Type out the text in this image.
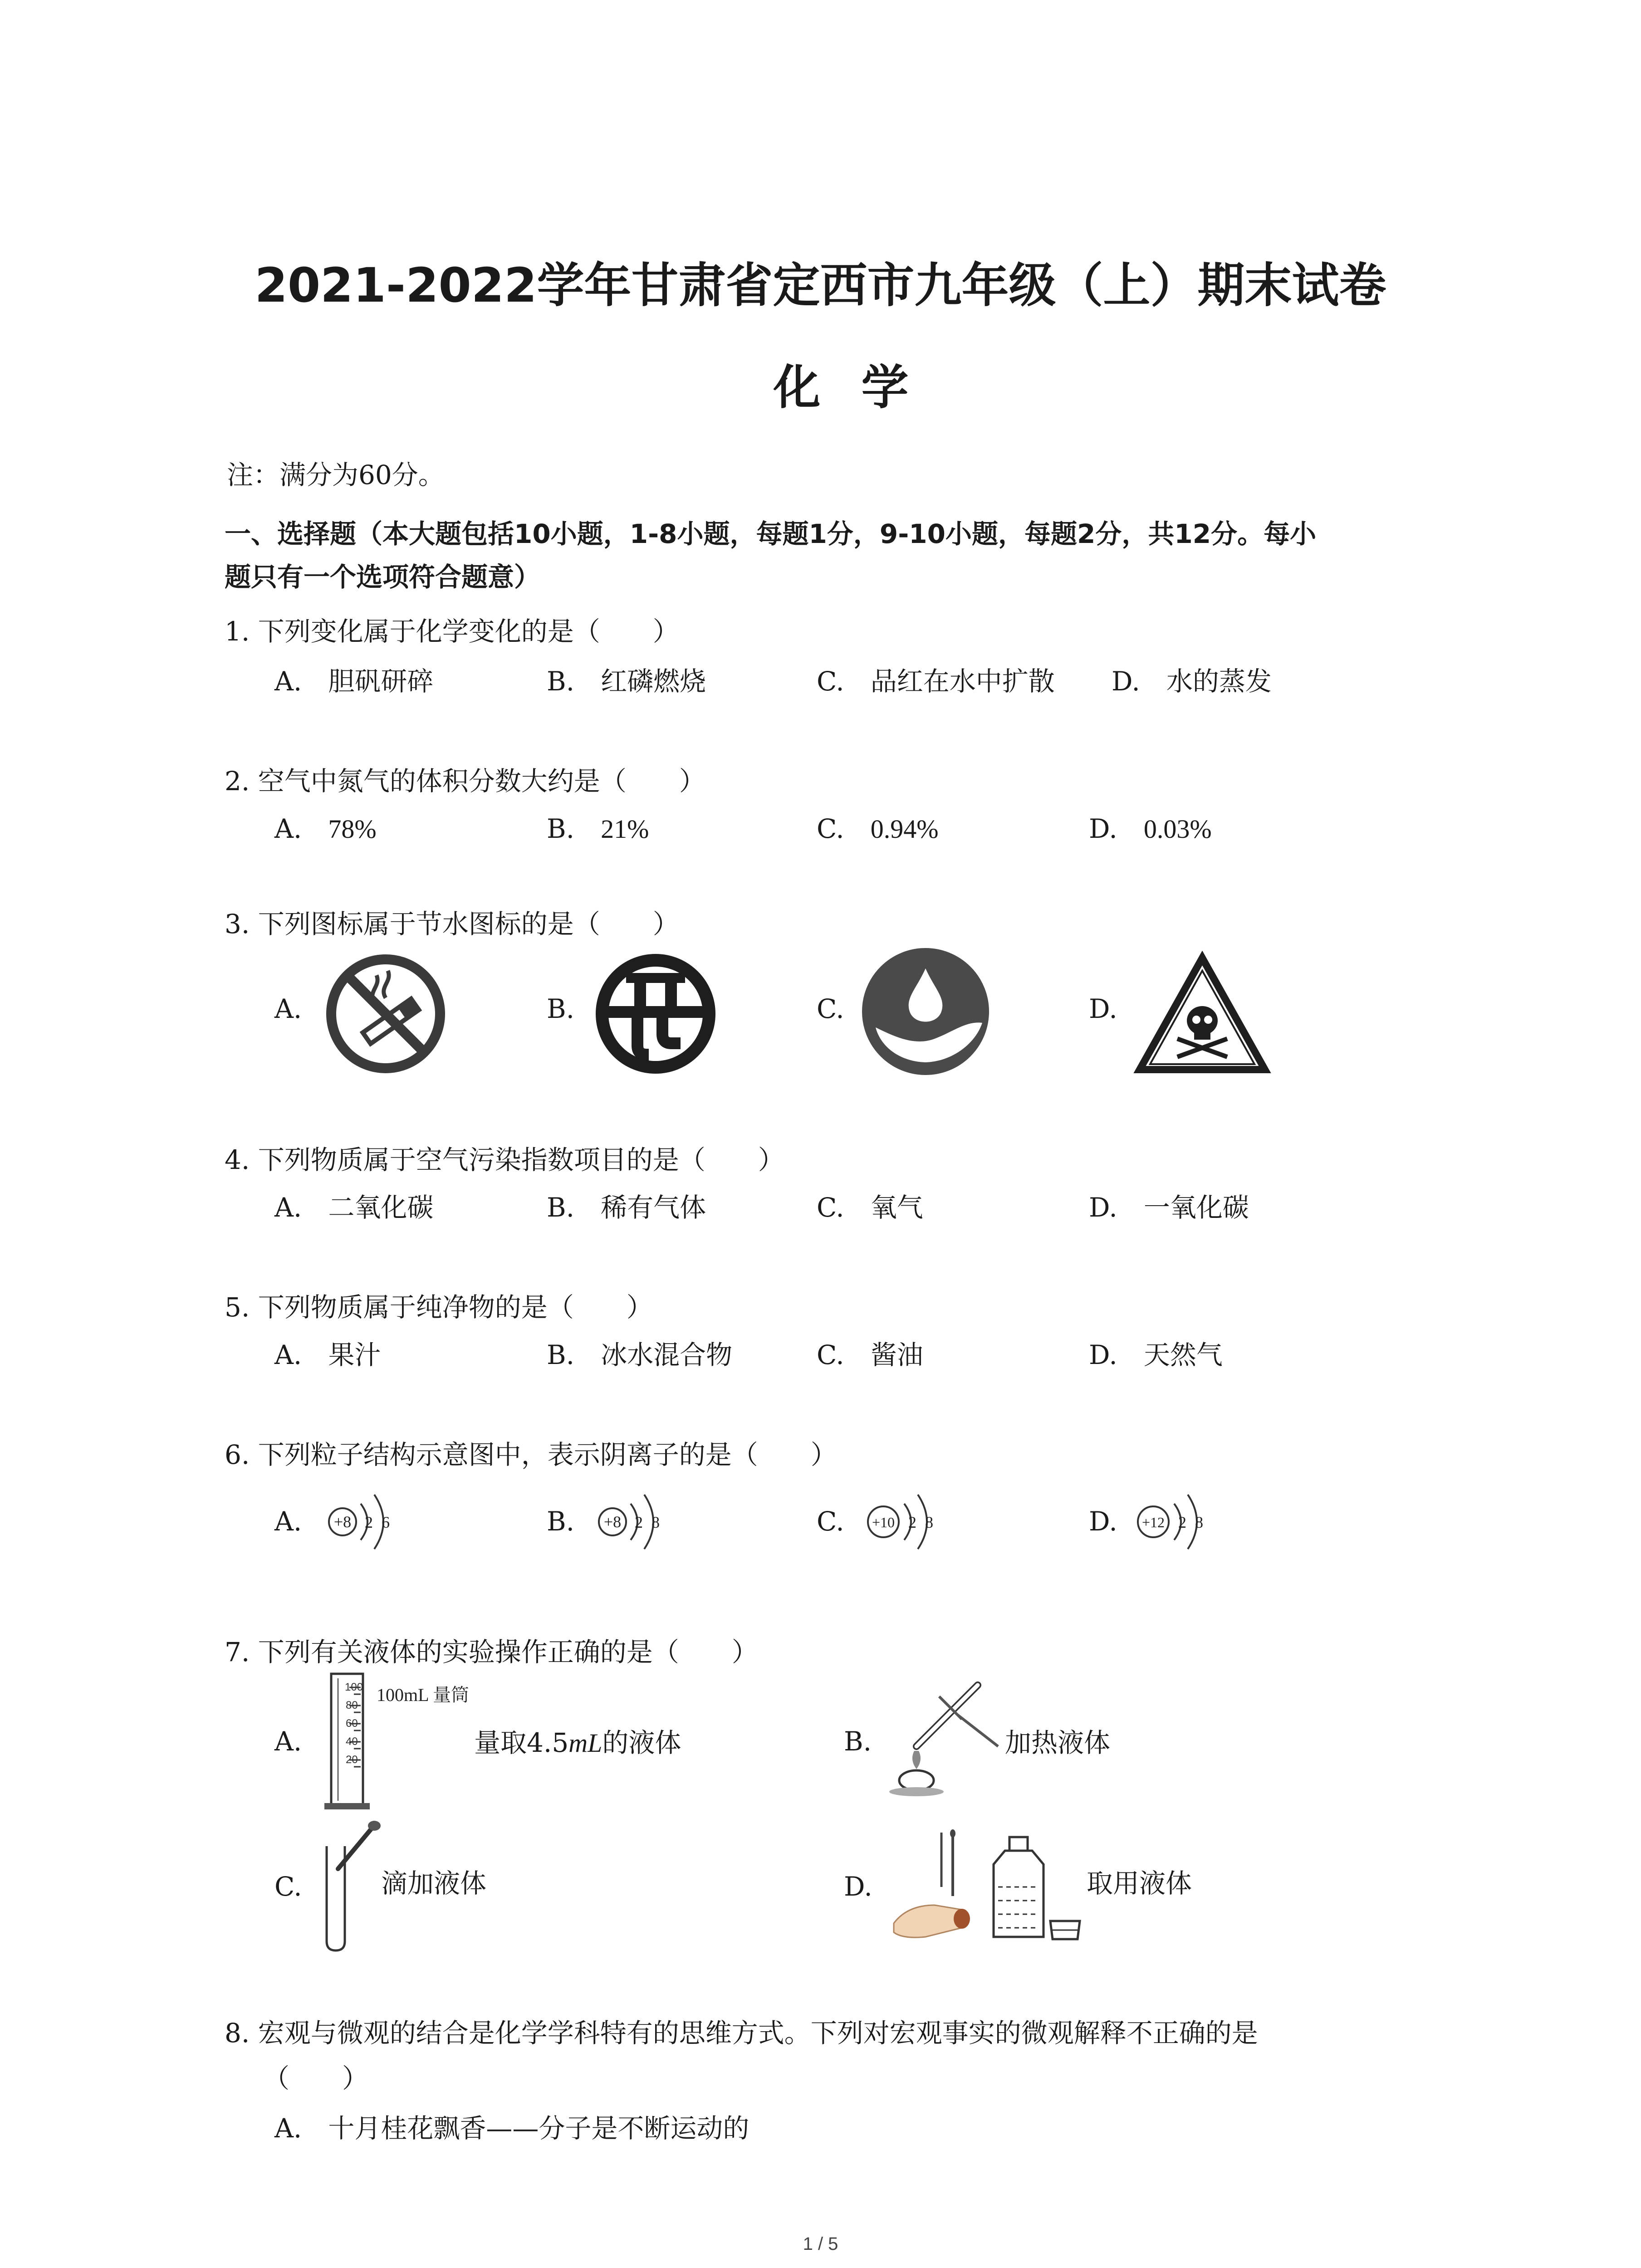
2021-2022学年甘肃省定西市九年级（上）期末试卷
化学
注：满分为60分。
一、选择题（本大题包括10小题，1-8小题，每题1分，9-10小题，每题2分，共12分。每小
题只有一个选项符合题意）
1. 下列变化属于化学变化的是（　　）
A.　 胆矾研碎	B.　 红磷燃烧	C.　 品红在水中扩散 D.　 水的蒸发
2. 空气中氮气的体积分数大约是（　　）
A.　 78%	B.　 21%	C.　 0.94%	D.　 0.03%
3. 下列图标属于节水图标的是（　　）
A.	B.	C.	D.
4. 下列物质属于空气污染指数项目的是（　　）
A.　 二氧化碳	B.　 稀有气体	C.　 氧气	D.　 一氧化碳
5. 下列物质属于纯净物的是（　　）
A.　 果汁	B.　 冰水混合物	C.　 酱油	D.　 天然气
6. 下列粒子结构示意图中，表示阴离子的是（　　）
A. +8 2 6	B. +8 2 8	C. +10 2 8	D. +12 2 8
7. 下列有关液体的实验操作正确的是（　　）
A.
100
80
60
40
20
100mL 量筒
量取4.5mL的液体	B.	加热液体
C.	滴加液体	D.	取用液体
8. 宏观与微观的结合是化学学科特有的思维方式。下列对宏观事实的微观解释不正确的是
（　　）
A.　 十月桂花飘香——分子是不断运动的
1 / 5
